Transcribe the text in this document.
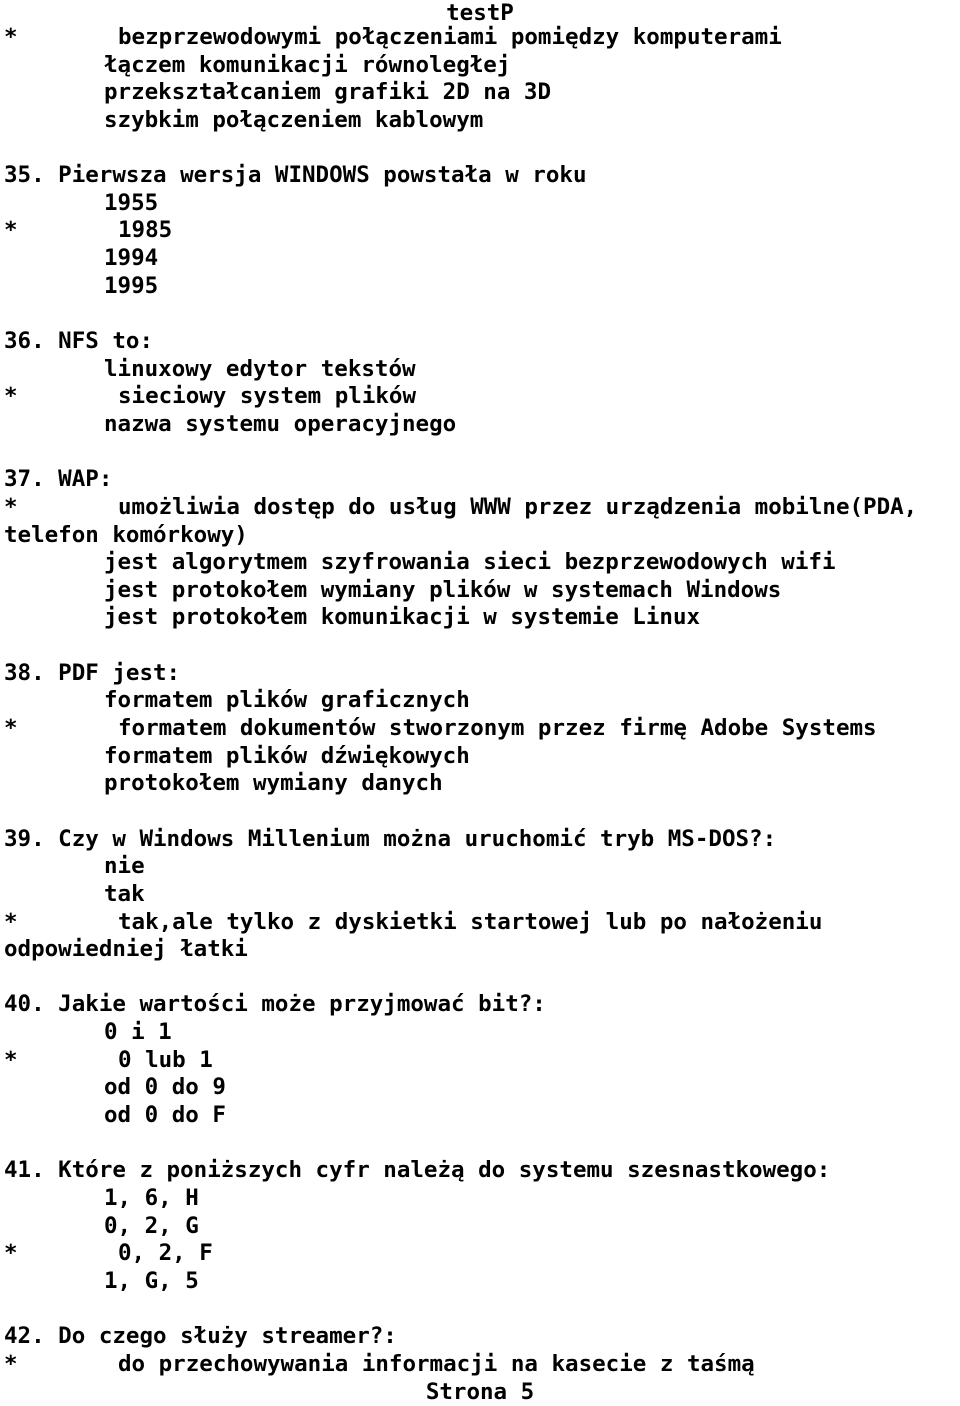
testP
*	bezprzewodowymi połączeniami pomiędzy komputerami
łączem komunikacji równoległej
przekształcaniem grafiki 2D na 3D
szybkim połączeniem kablowym
35. Pierwsza wersja WINDOWS powstała w roku
1955
*	1985
1994
1995
36. NFS to:
linuxowy edytor tekstów
*	sieciowy system plików
nazwa systemu operacyjnego
37. WAP:
*	umożliwia dostęp do usług WWW przez urządzenia mobilne(PDA,
telefon komórkowy)
jest algorytmem szyfrowania sieci bezprzewodowych wifi
jest protokołem wymiany plików w systemach Windows
jest protokołem komunikacji w systemie Linux
38. PDF jest:
formatem plików graficznych
*	formatem dokumentów stworzonym przez firmę Adobe Systems
formatem plików dźwiękowych
protokołem wymiany danych
39. Czy w Windows Millenium można uruchomić tryb MS-DOS?:
nie
tak
*	tak,ale tylko z dyskietki startowej lub po nałożeniu
odpowiedniej łatki
40. Jakie wartości może przyjmować bit?:
0 i 1
*	0 lub 1
od 0 do 9
od 0 do F
41. Które z poniższych cyfr należą do systemu szesnastkowego:
1, 6, H
0, 2, G
*	0, 2, F
1, G, 5
42. Do czego służy streamer?:
*	do przechowywania informacji na kasecie z taśmą
Strona 5
